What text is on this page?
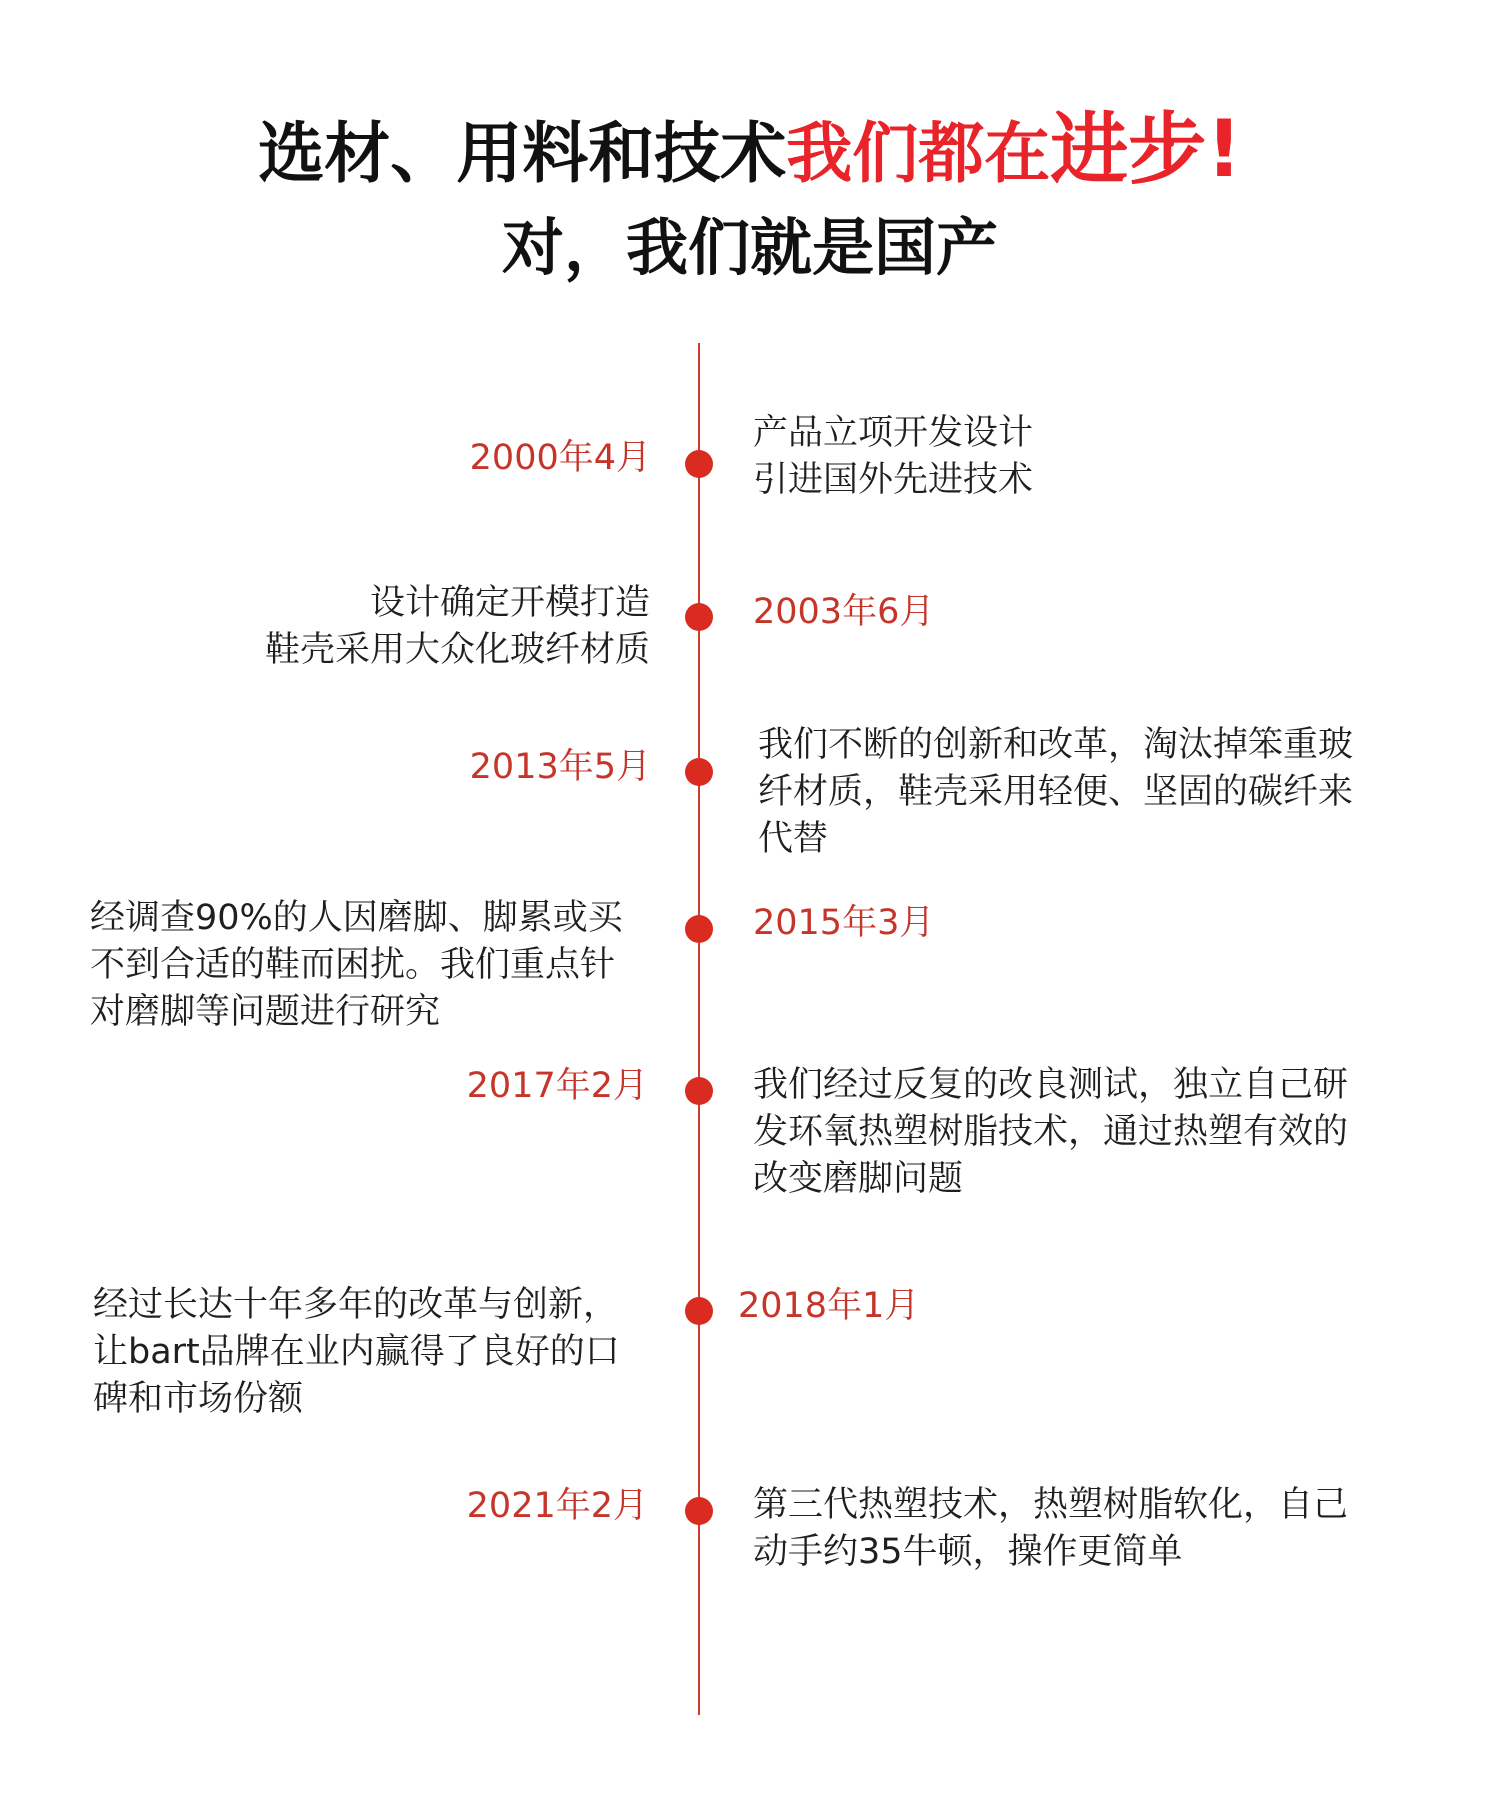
选材、用料和技术我们都在进步!
对，我们就是国产
2000年4月
产品立项开发设计
引进国外先进技术
2003年6月
设计确定开模打造
鞋壳采用大众化玻纤材质
2013年5月
我们不断的创新和改革，淘汰掉笨重玻
纤材质，鞋壳采用轻便、坚固的碳纤来
代替
2015年3月
经调查90%的人因磨脚、脚累或买
不到合适的鞋而困扰。我们重点针
对磨脚等问题进行研究
2017年2月	我们经过反复的改良测试，独立自己研
发环氧热塑树脂技术，通过热塑有效的
改变磨脚问题
2018年1月
经过长达十年多年的改革与创新，
让bart品牌在业内赢得了良好的口
碑和市场份额
2021年2月	第三代热塑技术，热塑树脂软化，自己
动手约35牛顿，操作更简单
